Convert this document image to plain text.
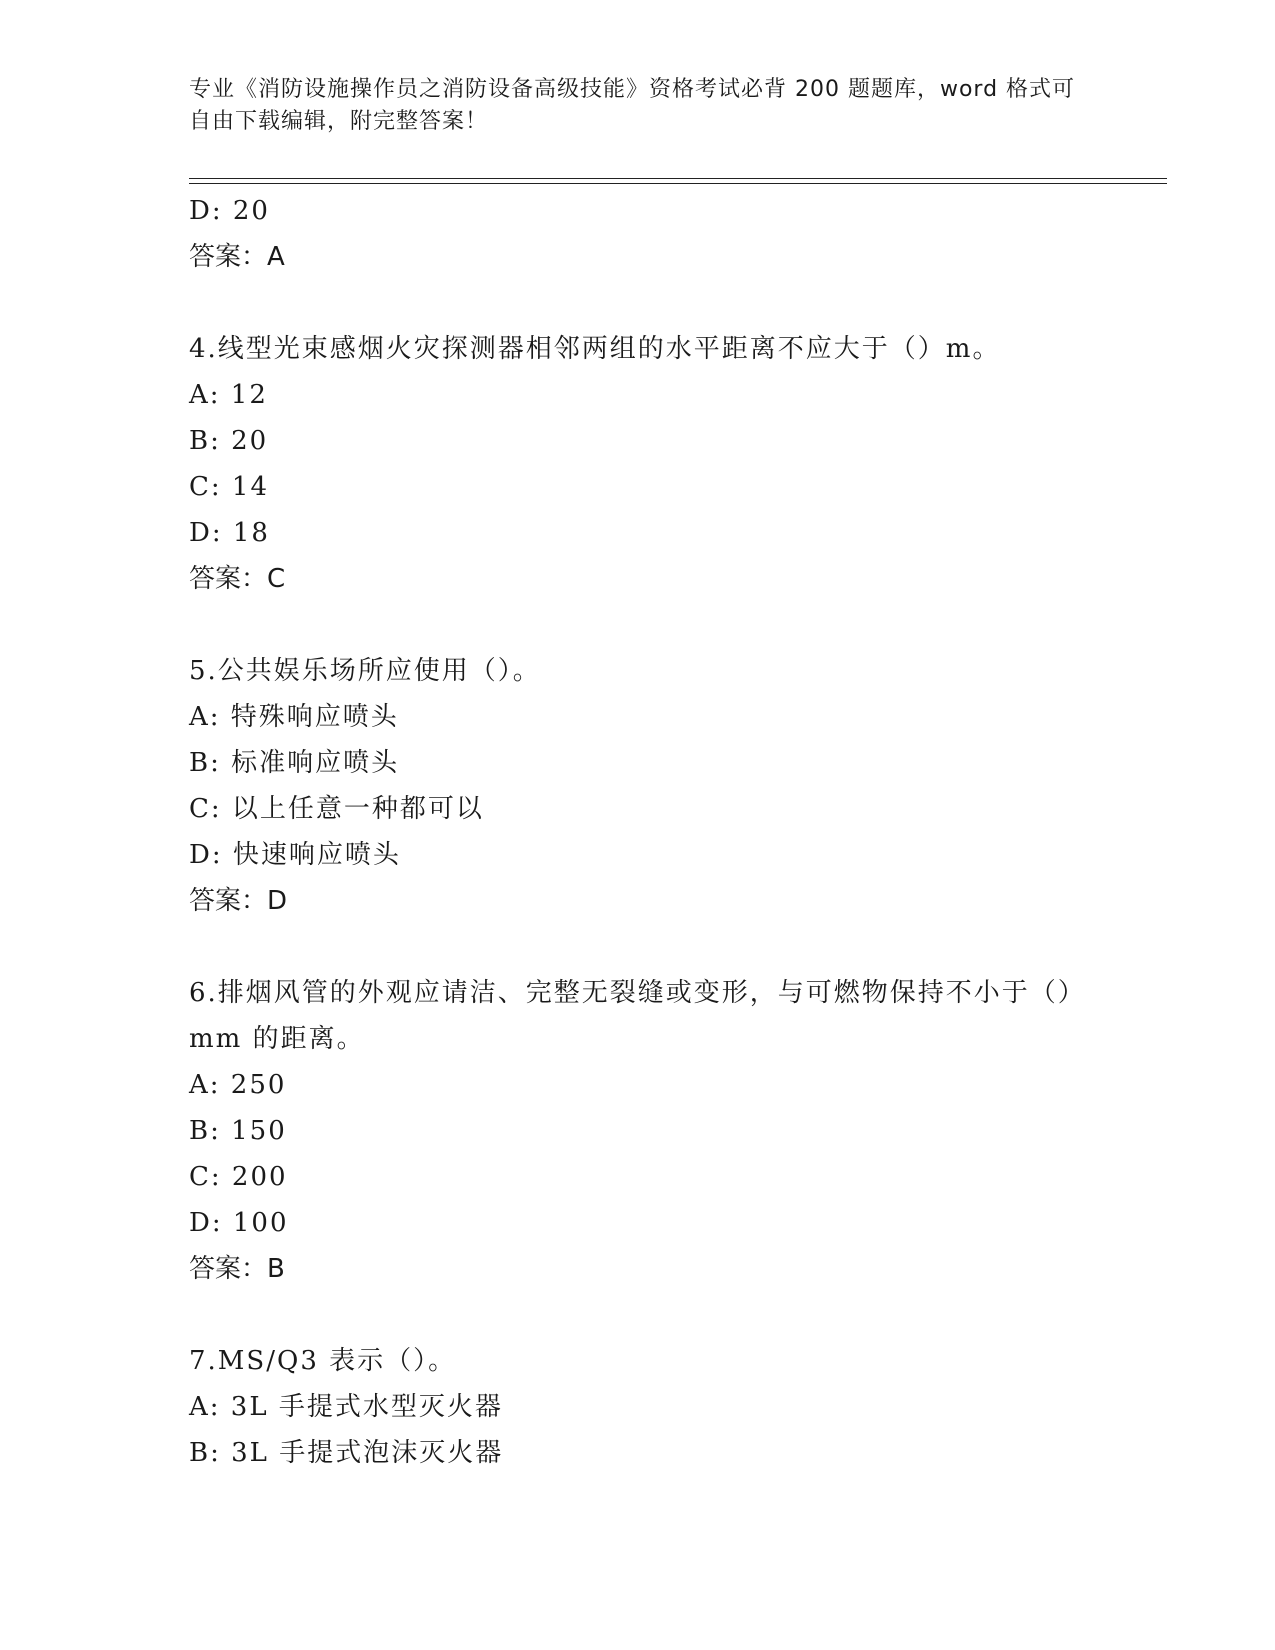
专业《消防设施操作员之消防设备高级技能》资格考试必背 200 题题库，word 格式可自由下载编辑，附完整答案！
D: 20
答案：A
4.线型光束感烟火灾探测器相邻两组的水平距离不应大于（）m。
A: 12
B: 20
C: 14
D: 18
答案：C
5.公共娱乐场所应使用（）。
A: 特殊响应喷头
B: 标准响应喷头
C: 以上任意一种都可以
D: 快速响应喷头
答案：D
6.排烟风管的外观应请洁、完整无裂缝或变形，与可燃物保持不小于（）mm 的距离。
A: 250
B: 150
C: 200
D: 100
答案：B
7.MS/Q3 表示（）。
A: 3L 手提式水型灭火器
B: 3L 手提式泡沫灭火器
